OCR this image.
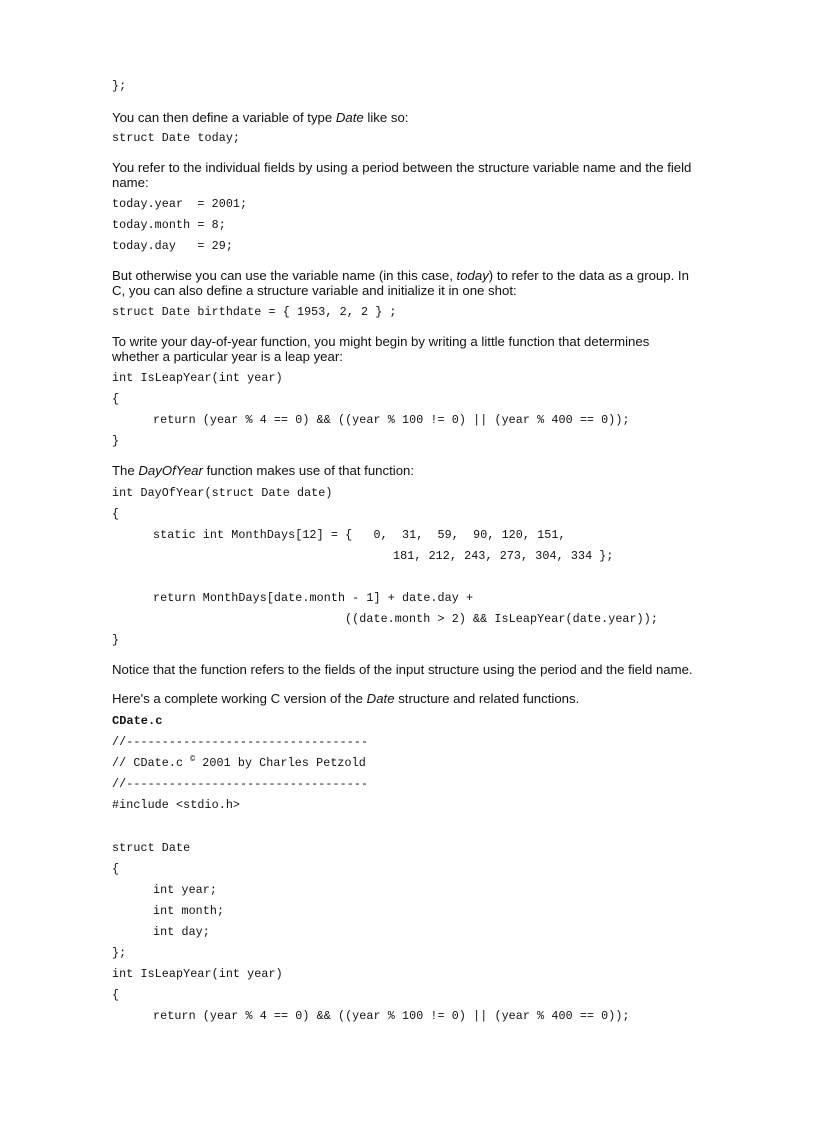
};
You can then define a variable of type Date like so:
struct Date today;
You refer to the individual fields by using a period between the structure variable name and the field
name:
today.year  = 2001;
today.month = 8;
today.day   = 29;
But otherwise you can use the variable name (in this case, today) to refer to the data as a group. In
C, you can also define a structure variable and initialize it in one shot:
struct Date birthdate = { 1953, 2, 2 } ;
To write your day-of-year function, you might begin by writing a little function that determines
whether a particular year is a leap year:
int IsLeapYear(int year)
{
return (year % 4 == 0) && ((year % 100 != 0) || (year % 400 == 0));
}
The DayOfYear function makes use of that function:
int DayOfYear(struct Date date)
{
static int MonthDays[12] = {   0,  31,  59,  90, 120, 151,
181, 212, 243, 273, 304, 334 };
return MonthDays[date.month - 1] + date.day +
((date.month > 2) && IsLeapYear(date.year));
}
Notice that the function refers to the fields of the input structure using the period and the field name.
Here's a complete working C version of the Date structure and related functions.
CDate.c
//----------------------------------
// CDate.c © 2001 by Charles Petzold
//----------------------------------
#include <stdio.h>
struct Date
{
int year;
int month;
int day;
};
int IsLeapYear(int year)
{
return (year % 4 == 0) && ((year % 100 != 0) || (year % 400 == 0));
